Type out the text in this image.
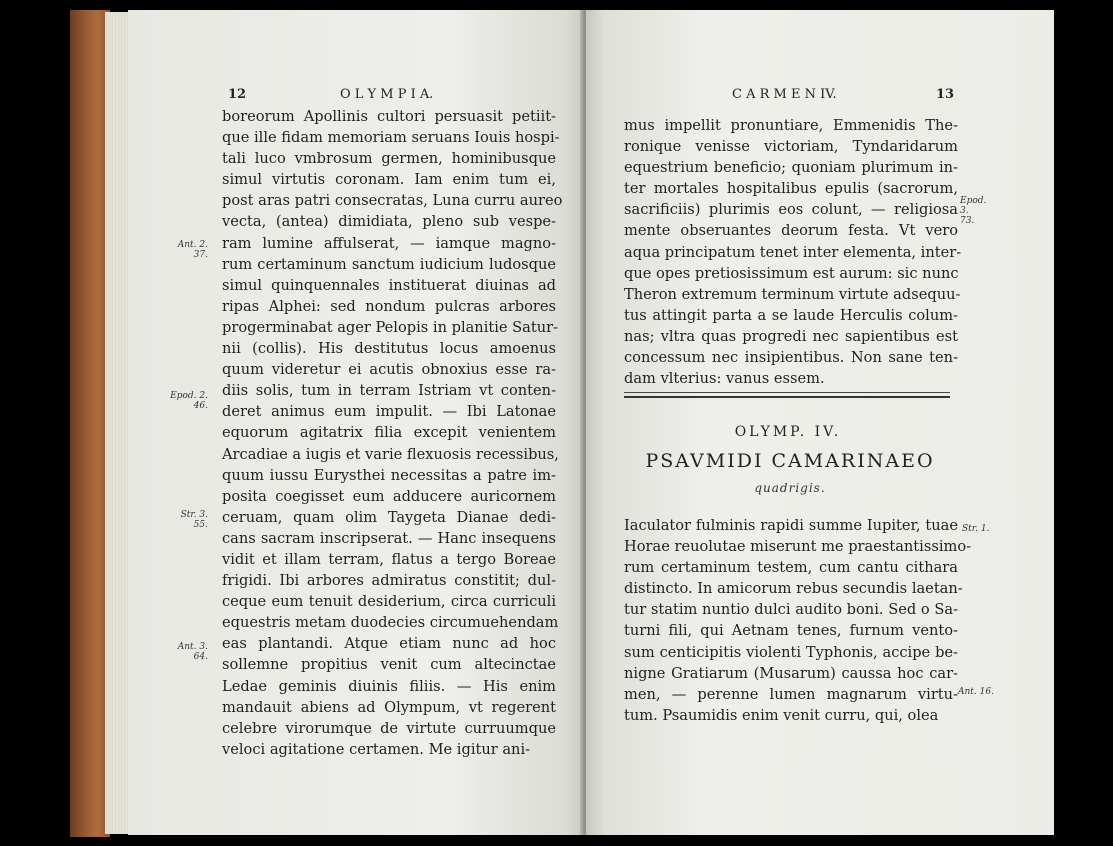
12	O L Y M P I A.
boreorum Apollinis cultori persuasit petiit-
que ille fidam memoriam seruans Iouis hospi-
tali luco vmbrosum germen, hominibusque
simul virtutis coronam. Iam enim tum ei,
post aras patri consecratas, Luna curru aureo
vecta, (antea) dimidiata, pleno sub vespe-
ram lumine affulserat, — iamque magno-
rum certaminum sanctum iudicium ludosque
simul quinquennales instituerat diuinas ad
ripas Alphei: sed nondum pulcras arbores
progerminabat ager Pelopis in planitie Satur-
nii (collis). His destitutus locus amoenus
quum videretur ei acutis obnoxius esse ra-
diis solis, tum in terram Istriam vt conten-
deret animus eum impulit. — Ibi Latonae
equorum agitatrix filia excepit venientem
Arcadiae a iugis et varie flexuosis recessibus,
quum iussu Eurysthei necessitas a patre im-
posita coegisset eum adducere auricornem
ceruam, quam olim Taygeta Dianae dedi-
cans sacram inscripserat. — Hanc insequens
vidit et illam terram, flatus a tergo Boreae
frigidi. Ibi arbores admiratus constitit; dul-
ceque eum tenuit desiderium, circa curriculi
equestris metam duodecies circumuehendam
eas plantandi. Atque etiam nunc ad hoc
sollemne propitius venit cum altecinctae
Ledae geminis diuinis filiis. — His enim
mandauit abiens ad Olympum, vt regerent
celebre virorumque de virtute curruumque
veloci agitatione certamen. Me igitur ani-
Ant. 2.
37.
Epod. 2.
46.
Str. 3.
55.
Ant. 3.
64.
C A R M E N IV.	13
mus impellit pronuntiare, Emmenidis The-
ronique venisse victoriam, Tyndaridarum
equestrium beneficio; quoniam plurimum in-
ter mortales hospitalibus epulis (sacrorum,
sacrificiis) plurimis eos colunt, — religiosa
mente obseruantes deorum festa. Vt vero
aqua principatum tenet inter elementa, inter-
que opes pretiosissimum est aurum: sic nunc
Theron extremum terminum virtute adsequu-
tus attingit parta a se laude Herculis colum-
nas; vltra quas progredi nec sapientibus est
concessum nec insipientibus. Non sane ten-
dam vlterius: vanus essem.
Epod. 3.
73.
OLYMP. IV.
PSAVMIDI CAMARINAEO
quadrigis.
Iaculator fulminis rapidi summe Iupiter, tuae
Horae reuolutae miserunt me praestantissimo-
rum certaminum testem, cum cantu cithara
distincto. In amicorum rebus secundis laetan-
tur statim nuntio dulci audito boni. Sed o Sa-
turni fili, qui Aetnam tenes, furnum vento-
sum centicipitis violenti Typhonis, accipe be-
nigne Gratiarum (Musarum) caussa hoc car-
men, — perenne lumen magnarum virtu-
tum. Psaumidis enim venit curru, qui, olea
Str. 1.
Ant. 16.
